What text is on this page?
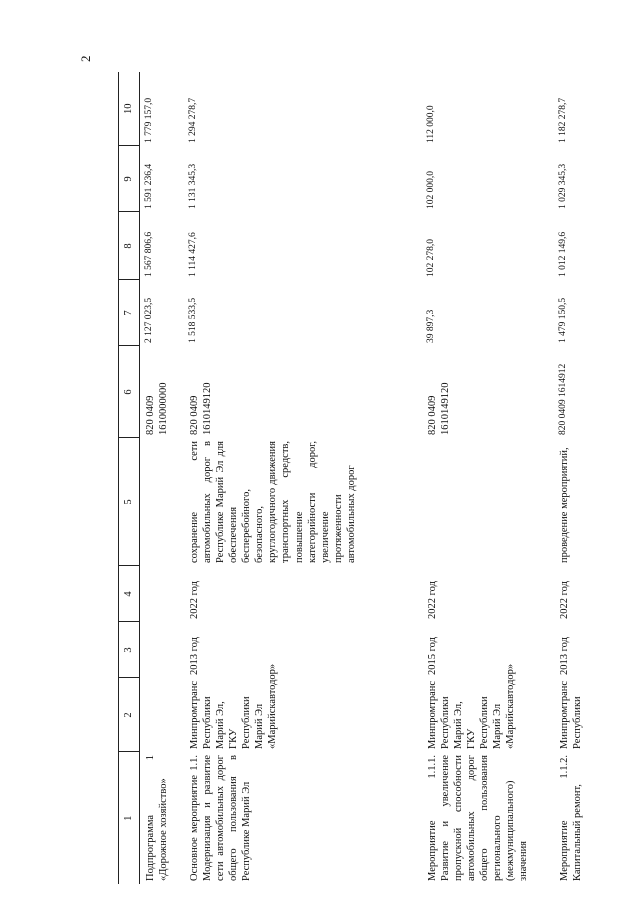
2
1	2	3	4	5	6	7	8	9	10
Подпрограмма 1 «Дорожное хозяйство»					820 0409 1610000000	2 127 023,5	1 567 806,6	1 591 236,4	1 779 157,0
Основное мероприятие 1.1. Модернизация и развитие сети автомобильных дорог общего пользования в Республике Марий Эл	Минпромтранс Республики Марий Эл, ГКУ Республики Марий Эл «Марийскавтодор»	2013 год	2022 год	сохранение сети автомобильных дорог в Республике Марий Эл для обеспечения бесперебойного, безопасного, круглогодичного движения транспортных средств, повышение категорийности дорог, увеличение протяженности автомобильных дорог	820 0409 1610149120	1 518 533,5	1 114 427,6	1 131 345,3	1 294 278,7
Мероприятие 1.1.1. Развитие и увеличение пропускной способности автомобильных дорог общего пользования регионального (межмуниципального) значения	Минпромтранс Республики Марий Эл, ГКУ Республики Марий Эл «Марийскавтодор»	2015 год	2022 год		820 0409 1610149120	39 897,3	102 278,0	102 000,0	112 000,0
Мероприятие 1.1.2. Капитальный ремонт,	Минпромтранс Республики	2013 год	2022 год	проведение мероприятий,	820 0409 1614912	1 479 150,5	1 012 149,6	1 029 345,3	1 182 278,7
